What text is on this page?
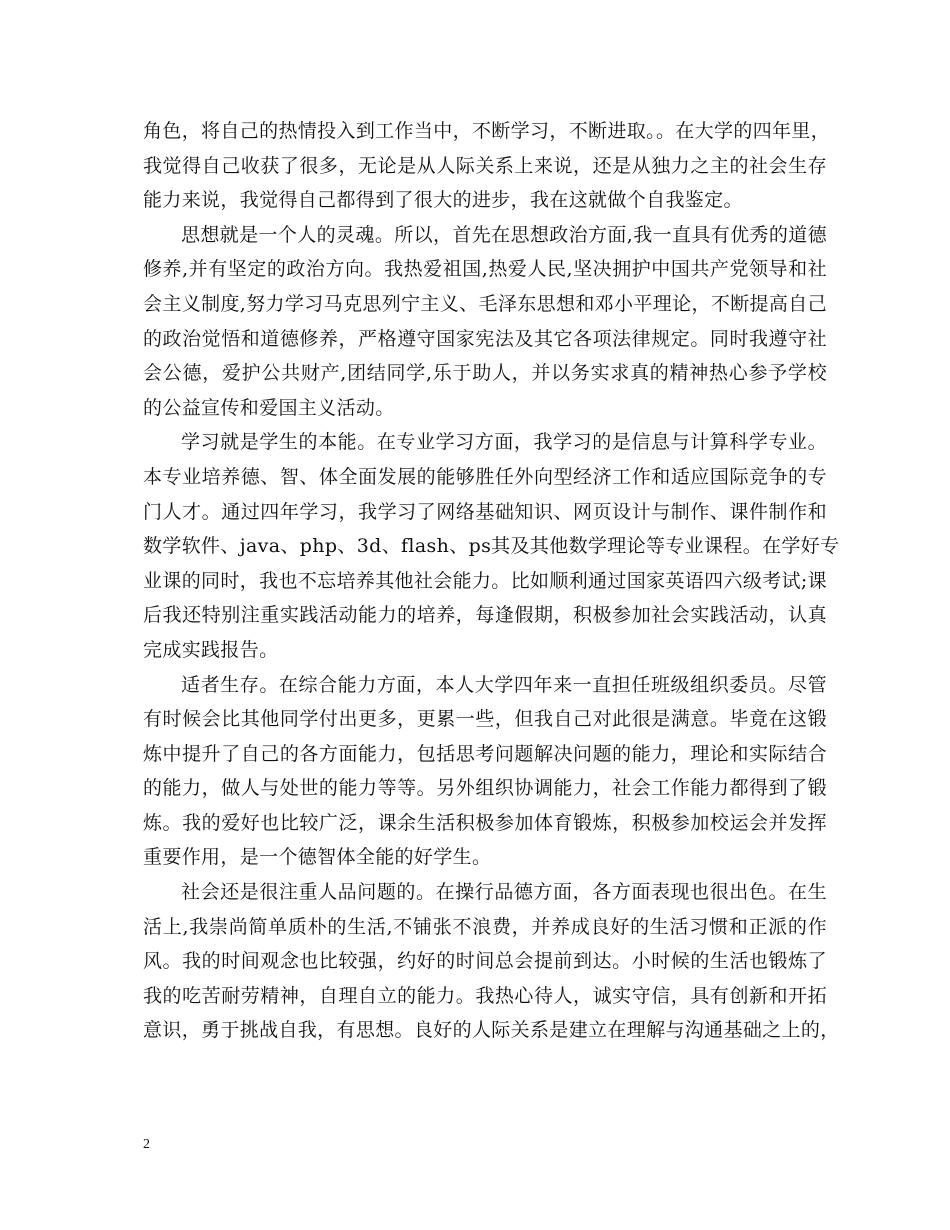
角色，将自己的热情投入到工作当中，不断学习，不断进取。。在大学的四年里，
我觉得自己收获了很多，无论是从人际关系上来说，还是从独力之主的社会生存
能力来说，我觉得自己都得到了很大的进步，我在这就做个自我鉴定。

思想就是一个人的灵魂。所以，首先在思想政治方面,我一直具有优秀的道德
修养,并有坚定的政治方向。我热爱祖国,热爱人民,坚决拥护中国共产党领导和社
会主义制度,努力学习马克思列宁主义、毛泽东思想和邓小平理论，不断提高自己
的政治觉悟和道德修养，严格遵守国家宪法及其它各项法律规定。同时我遵守社
会公德，爱护公共财产,团结同学,乐于助人，并以务实求真的精神热心参予学校
的公益宣传和爱国主义活动。

学习就是学生的本能。在专业学习方面，我学习的是信息与计算科学专业。
本专业培养德、智、体全面发展的能够胜任外向型经济工作和适应国际竞争的专
门人才。通过四年学习，我学习了网络基础知识、网页设计与制作、课件制作和
数学软件、java、php、3d、flash、ps其及其他数学理论等专业课程。在学好专
业课的同时，我也不忘培养其他社会能力。比如顺利通过国家英语四六级考试;课
后我还特别注重实践活动能力的培养，每逢假期，积极参加社会实践活动，认真
完成实践报告。

适者生存。在综合能力方面，本人大学四年来一直担任班级组织委员。尽管
有时候会比其他同学付出更多，更累一些，但我自己对此很是满意。毕竟在这锻
炼中提升了自己的各方面能力，包括思考问题解决问题的能力，理论和实际结合
的能力，做人与处世的能力等等。另外组织协调能力，社会工作能力都得到了锻
炼。我的爱好也比较广泛，课余生活积极参加体育锻炼，积极参加校运会并发挥
重要作用，是一个德智体全能的好学生。

社会还是很注重人品问题的。在操行品德方面，各方面表现也很出色。在生
活上,我崇尚简单质朴的生活,不铺张不浪费，并养成良好的生活习惯和正派的作
风。我的时间观念也比较强，约好的时间总会提前到达。小时候的生活也锻炼了
我的吃苦耐劳精神，自理自立的能力。我热心待人，诚实守信，具有创新和开拓
意识，勇于挑战自我，有思想。良好的人际关系是建立在理解与沟通基础之上的，

2
